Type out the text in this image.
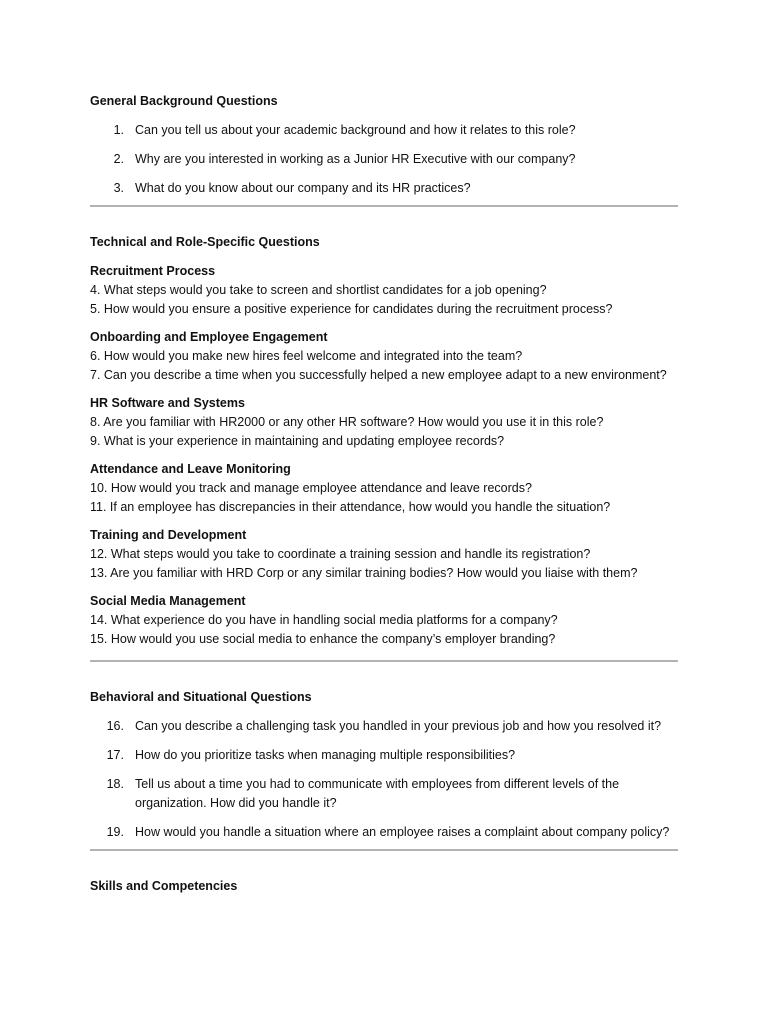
General Background Questions
1. Can you tell us about your academic background and how it relates to this role?
2. Why are you interested in working as a Junior HR Executive with our company?
3. What do you know about our company and its HR practices?
Technical and Role-Specific Questions
Recruitment Process
4. What steps would you take to screen and shortlist candidates for a job opening?
5. How would you ensure a positive experience for candidates during the recruitment process?
Onboarding and Employee Engagement
6. How would you make new hires feel welcome and integrated into the team?
7. Can you describe a time when you successfully helped a new employee adapt to a new environment?
HR Software and Systems
8. Are you familiar with HR2000 or any other HR software? How would you use it in this role?
9. What is your experience in maintaining and updating employee records?
Attendance and Leave Monitoring
10. How would you track and manage employee attendance and leave records?
11. If an employee has discrepancies in their attendance, how would you handle the situation?
Training and Development
12. What steps would you take to coordinate a training session and handle its registration?
13. Are you familiar with HRD Corp or any similar training bodies? How would you liaise with them?
Social Media Management
14. What experience do you have in handling social media platforms for a company?
15. How would you use social media to enhance the company’s employer branding?
Behavioral and Situational Questions
16. Can you describe a challenging task you handled in your previous job and how you resolved it?
17. How do you prioritize tasks when managing multiple responsibilities?
18. Tell us about a time you had to communicate with employees from different levels of the organization. How did you handle it?
19. How would you handle a situation where an employee raises a complaint about company policy?
Skills and Competencies
